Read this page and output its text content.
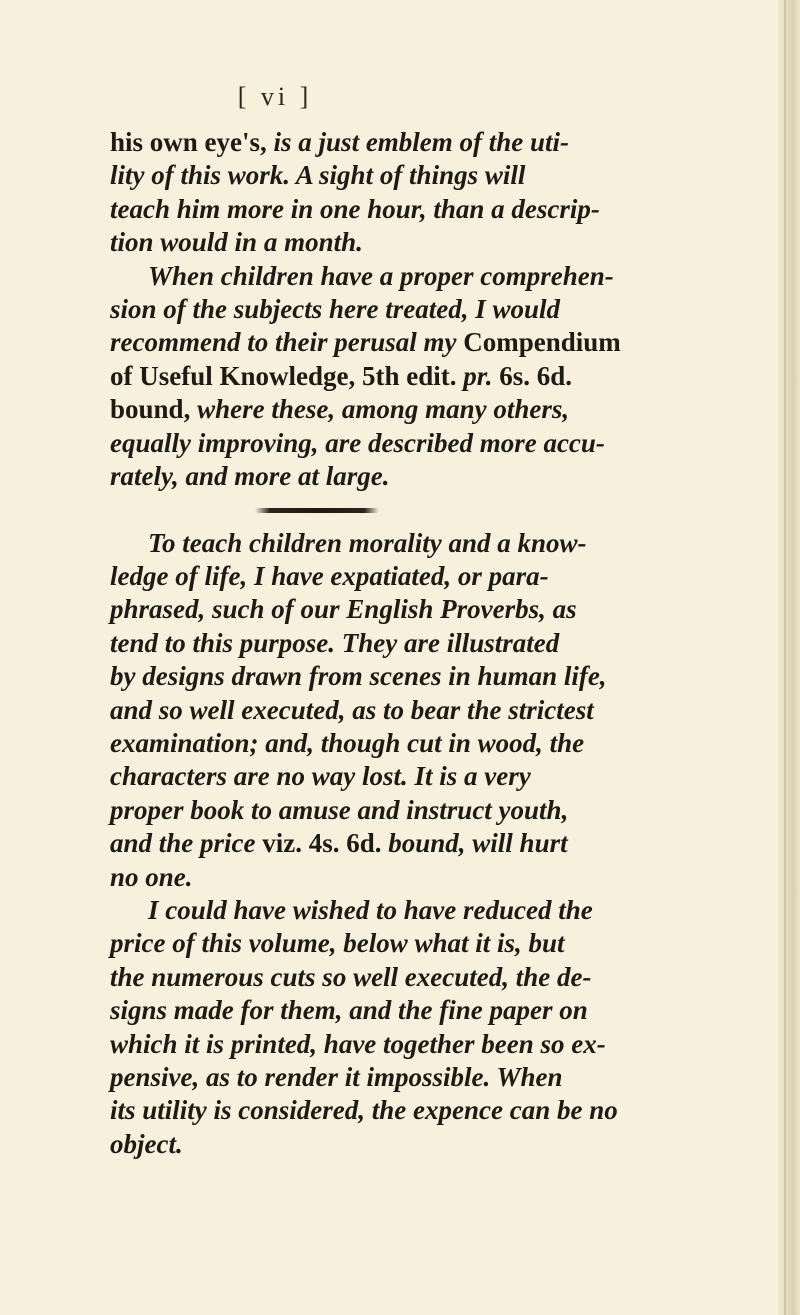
[ vi ]
his own eye's, is a just emblem of the uti-
lity of this work. A sight of things will
teach him more in one hour, than a descrip-
tion would in a month.
When children have a proper comprehen-
sion of the subjects here treated, I would
recommend to their perusal my Compendium
of Useful Knowledge, 5th edit. pr. 6s. 6d.
bound, where these, among many others,
equally improving, are described more accu-
rately, and more at large.
To teach children morality and a know-
ledge of life, I have expatiated, or para-
phrased, such of our English Proverbs, as
tend to this purpose. They are illustrated
by designs drawn from scenes in human life,
and so well executed, as to bear the strictest
examination; and, though cut in wood, the
characters are no way lost. It is a very
proper book to amuse and instruct youth,
and the price viz. 4s. 6d. bound, will hurt
no one.
I could have wished to have reduced the
price of this volume, below what it is, but
the numerous cuts so well executed, the de-
signs made for them, and the fine paper on
which it is printed, have together been so ex-
pensive, as to render it impossible. When
its utility is considered, the expence can be no
object.
